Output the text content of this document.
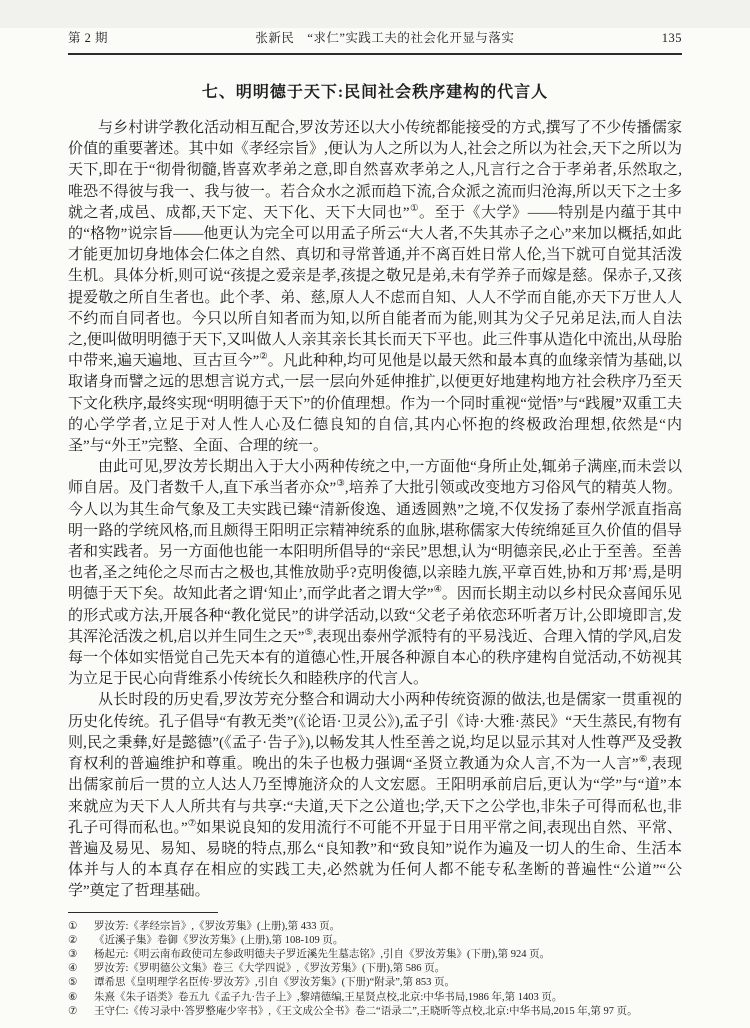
第 2 期	张新民　“求仁”实践工夫的社会化开显与落实	135
七、明明德于天下:民间社会秩序建构的代言人

与乡村讲学教化活动相互配合,罗汝芳还以大小传统都能接受的方式,撰写了不少传播儒家价值的重要著述。其中如《孝经宗旨》,便认为人之所以为人,社会之所以为社会,天下之所以为天下,即在于“彻骨彻髓,皆喜欢孝弟之意,即自然喜欢孝弟之人,凡言行之合于孝弟者,乐然取之,唯恐不得彼与我一、我与彼一。若合众水之派而趋下流,合众派之流而归沧海,所以天下之士多就之者,成邑、成都,天下定、天下化、天下大同也”①。至于《大学》——特别是内蕴于其中的“格物”说宗旨——他更认为完全可以用孟子所云“大人者,不失其赤子之心”来加以概括,如此才能更加切身地体会仁体之自然、真切和寻常普通,并不离百姓日常人伦,当下就可自觉其活泼生机。具体分析,则可说“孩提之爱亲是孝,孩提之敬兄是弟,未有学养子而嫁是慈。保赤子,又孩提爱敬之所自生者也。此个孝、弟、慈,原人人不虑而自知、人人不学而自能,亦天下万世人人不约而自同者也。今只以所自知者而为知,以所自能者而为能,则其为父子兄弟足法,而人自法之,便叫做明明德于天下,又叫做人人亲其亲长其长而天下平也。此三件事从造化中流出,从母胎中带来,遍天遍地、亘古亘今”②。凡此种种,均可见他是以最天然和最本真的血缘亲情为基础,以取诸身而譬之远的思想言说方式,一层一层向外延伸推扩,以便更好地建构地方社会秩序乃至天下文化秩序,最终实现“明明德于天下”的价值理想。作为一个同时重视“觉悟”与“践履”双重工夫的心学学者,立足于对人性人心及仁德良知的自信,其内心怀抱的终极政治理想,依然是“内圣”与“外王”完整、全面、合理的统一。

由此可见,罗汝芳长期出入于大小两种传统之中,一方面他“身所止处,辄弟子满座,而未尝以师自居。及门者数千人,直下承当者亦众”③,培养了大批引领或改变地方习俗风气的精英人物。今人以为其生命气象及工夫实践已臻“清新俊逸、通透圆熟”之境,不仅发扬了泰州学派直指高明一路的学统风格,而且颇得王阳明正宗精神统系的血脉,堪称儒家大传统绵延亘久价值的倡导者和实践者。另一方面他也能一本阳明所倡导的“亲民”思想,认为“明德亲民,必止于至善。至善也者,圣之纯伦之尽而古之极也,其惟放勋乎?克明俊德,以亲睦九族,平章百姓,协和万邦’焉,是明明德于天下矣。故知此者之谓‘知止’,而学此者之谓大学”④。因而长期主动以乡村民众喜闻乐见的形式或方法,开展各种“教化觉民”的讲学活动,以致“父老子弟依恋环听者万计,公即境即言,发其浑沦活泼之机,启以并生同生之天”⑤,表现出泰州学派特有的平易浅近、合理入情的学风,启发每一个体如实悟觉自己先天本有的道德心性,开展各种源自本心的秩序建构自觉活动,不妨视其为立足于民心向背维系小传统长久和睦秩序的代言人。

从长时段的历史看,罗汝芳充分整合和调动大小两种传统资源的做法,也是儒家一贯重视的历史化传统。孔子倡导“有教无类”(《论语·卫灵公》),孟子引《诗·大雅·蒸民》“天生蒸民,有物有则,民之秉彝,好是懿德”(《孟子·告子》),以畅发其人性至善之说,均足以显示其对人性尊严及受教育权利的普遍维护和尊重。晚出的朱子也极力强调“圣贤立教通为众人言,不为一人言”⑥,表现出儒家前后一贯的立人达人乃至博施济众的人文宏愿。王阳明承前启后,更认为“学”与“道”本来就应为天下人人所共有与共享:“夫道,天下之公道也;学,天下之公学也,非朱子可得而私也,非孔子可得而私也。”⑦如果说良知的发用流行不可能不开显于日用平常之间,表现出自然、平常、普遍及易见、易知、易晓的特点,那么“良知教”和“致良知”说作为遍及一切人的生命、生活本体并与人的本真存在相应的实践工夫,必然就为任何人都不能专私垄断的普遍性“公道”“公学”奠定了哲理基础。

①	罗汝芳:《孝经宗旨》,《罗汝芳集》(上册),第 433 页。
②	《近溪子集》卷御《罗汝芳集》(上册),第 108-109 页。
③	杨起元:《明云南布政使司左参政明德夫子罗近溪先生墓志铭》,引自《罗汝芳集》(下册),第 924 页。
④	罗汝芳:《罗明德公文集》卷三《大学四说》,《罗汝芳集》(下册),第 586 页。
⑤	谭希思《皇明理学名臣传·罗汝芳》,引自《罗汝芳集》(下册)“附录”,第 853 页。
⑥	朱熹《朱子语类》卷五九《孟子九·告子上》,黎靖德编,王星贤点校,北京:中华书局,1986 年,第 1403 页。
⑦	王守仁:《传习录中·答罗整庵少宰书》,《王文成公全书》卷二“语录二”,王晓昕等点校,北京:中华书局,2015 年,第 97 页。
